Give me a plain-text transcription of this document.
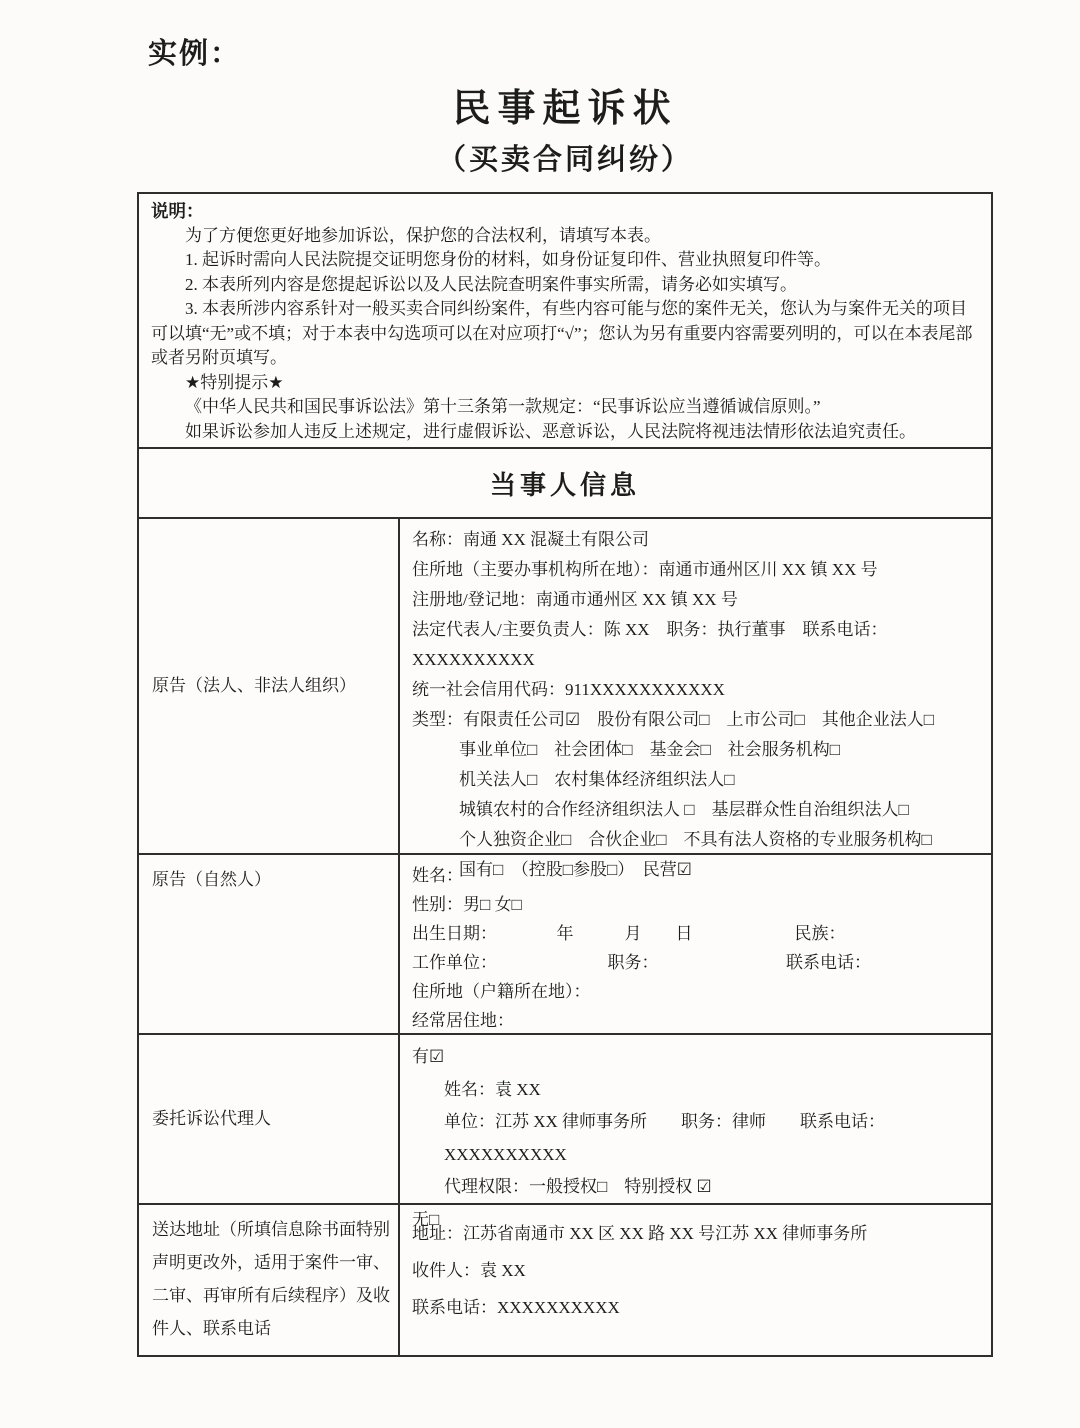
实例：
民事起诉状
（买卖合同纠纷）
说明：

为了方便您更好地参加诉讼，保护您的合法权利，请填写本表。

1. 起诉时需向人民法院提交证明您身份的材料，如身份证复印件、营业执照复印件等。

2. 本表所列内容是您提起诉讼以及人民法院查明案件事实所需，请务必如实填写。

3. 本表所涉内容系针对一般买卖合同纠纷案件，有些内容可能与您的案件无关，您认为与案件无关的项目可以填“无”或不填；对于本表中勾选项可以在对应项打“√”；您认为另有重要内容需要列明的，可以在本表尾部或者另附页填写。

★特别提示★

《中华人民共和国民事诉讼法》第十三条第一款规定：“民事诉讼应当遵循诚信原则。”

如果诉讼参加人违反上述规定，进行虚假诉讼、恶意诉讼，人民法院将视违法情形依法追究责任。

当事人信息
原告（法人、非法人组织）
名称：南通 XX 混凝土有限公司
住所地（主要办事机构所在地）：南通市通州区川 XX 镇 XX 号
注册地/登记地：南通市通州区 XX 镇 XX 号
法定代表人/主要负责人：陈 XX　职务：执行董事　联系电话：XXXXXXXXXX
统一社会信用代码：911XXXXXXXXXXX
类型：有限责任公司☑　股份有限公司□　上市公司□　其他企业法人□
事业单位□　社会团体□　基金会□　社会服务机构□
机关法人□　农村集体经济组织法人□
城镇农村的合作经济组织法人 □　基层群众性自治组织法人□
个人独资企业□　合伙企业□　不具有法人资格的专业服务机构□
国有□　（控股□参股□）　民营☑
原告（自然人）	姓名：
性别：男□ 女□
出生日期：　　　　年　　　月　　日　　　　　　民族：
工作单位：　　　　　　　职务：　　　　　　　　联系电话：
住所地（户籍所在地）：
经常居住地：
委托诉讼代理人
有☑
姓名：袁 XX
单位：江苏 XX 律师事务所　　职务：律师　　联系电话：XXXXXXXXXX
代理权限：一般授权□　特别授权 ☑
无□
送达地址（所填信息除书面特别声明更改外，适用于案件一审、二审、再审所有后续程序）及收件人、联系电话
地址：江苏省南通市 XX 区 XX 路 XX 号江苏 XX 律师事务所
收件人：袁 XX
联系电话：XXXXXXXXXX
